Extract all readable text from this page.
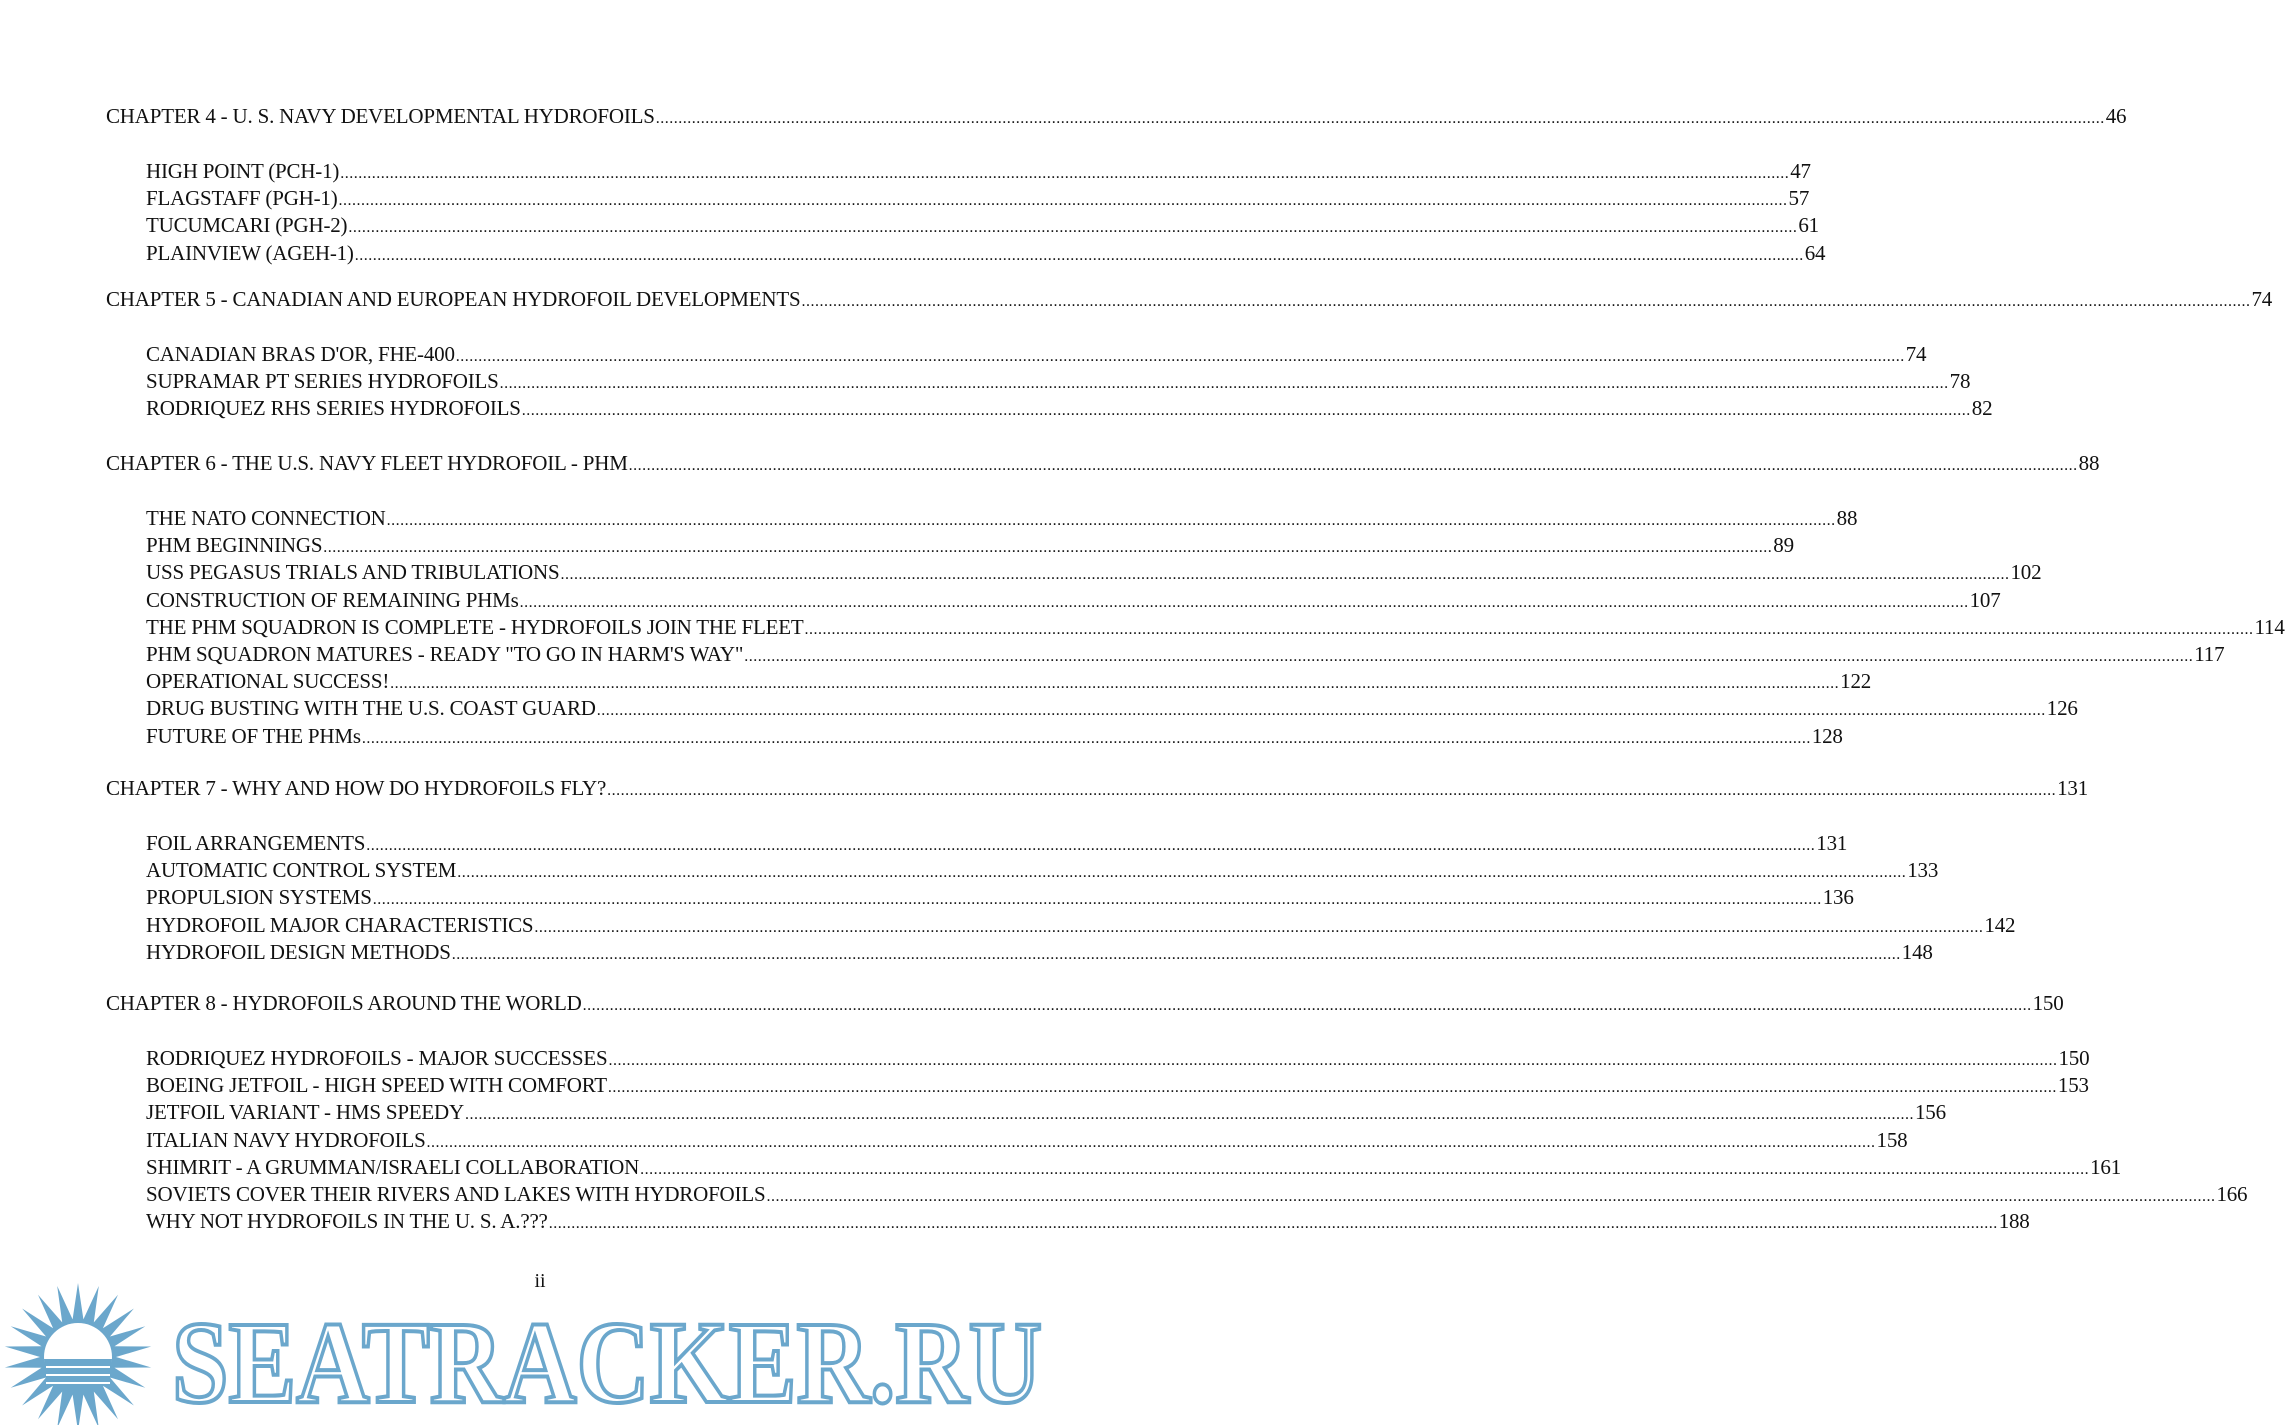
CHAPTER 4 - U. S. NAVY DEVELOPMENTAL HYDROFOILS .....	46
HIGH POINT (PCH-1) .....	47
FLAGSTAFF (PGH-1) .....	57
TUCUMCARI (PGH-2) .....	61
PLAINVIEW (AGEH-1) .....	64
CHAPTER 5 - CANADIAN AND EUROPEAN HYDROFOIL DEVELOPMENTS .....	74
CANADIAN BRAS D'OR, FHE-400 .....	74
SUPRAMAR PT SERIES HYDROFOILS .....	78
RODRIQUEZ RHS SERIES HYDROFOILS .....	82
CHAPTER 6 - THE U.S. NAVY FLEET HYDROFOIL - PHM .....	88
THE NATO CONNECTION .....	88
PHM BEGINNINGS .....	89
USS PEGASUS TRIALS AND TRIBULATIONS .....	102
CONSTRUCTION OF REMAINING PHMs .....	107
THE PHM SQUADRON IS COMPLETE - HYDROFOILS JOIN THE FLEET .....	114
PHM SQUADRON MATURES - READY "TO GO IN HARM'S WAY" .....	117
OPERATIONAL SUCCESS! .....	122
DRUG BUSTING WITH THE U.S. COAST GUARD .....	126
FUTURE OF THE PHMs .....	128
CHAPTER 7 - WHY AND HOW DO HYDROFOILS FLY? .....	131
FOIL ARRANGEMENTS .....	131
AUTOMATIC CONTROL SYSTEM .....	133
PROPULSION SYSTEMS .....	136
HYDROFOIL MAJOR CHARACTERISTICS .....	142
HYDROFOIL DESIGN METHODS .....	148
CHAPTER 8 - HYDROFOILS AROUND THE WORLD .....	150
RODRIQUEZ HYDROFOILS - MAJOR SUCCESSES .....	150
BOEING JETFOIL - HIGH SPEED WITH COMFORT .....	153
JETFOIL VARIANT - HMS SPEEDY .....	156
ITALIAN NAVY HYDROFOILS .....	158
SHIMRIT - A GRUMMAN/ISRAELI COLLABORATION .....	161
SOVIETS COVER THEIR RIVERS AND LAKES WITH HYDROFOILS .....	166
WHY NOT HYDROFOILS IN THE U. S. A.??? .....	188
ii
SEATRACKER.RU
